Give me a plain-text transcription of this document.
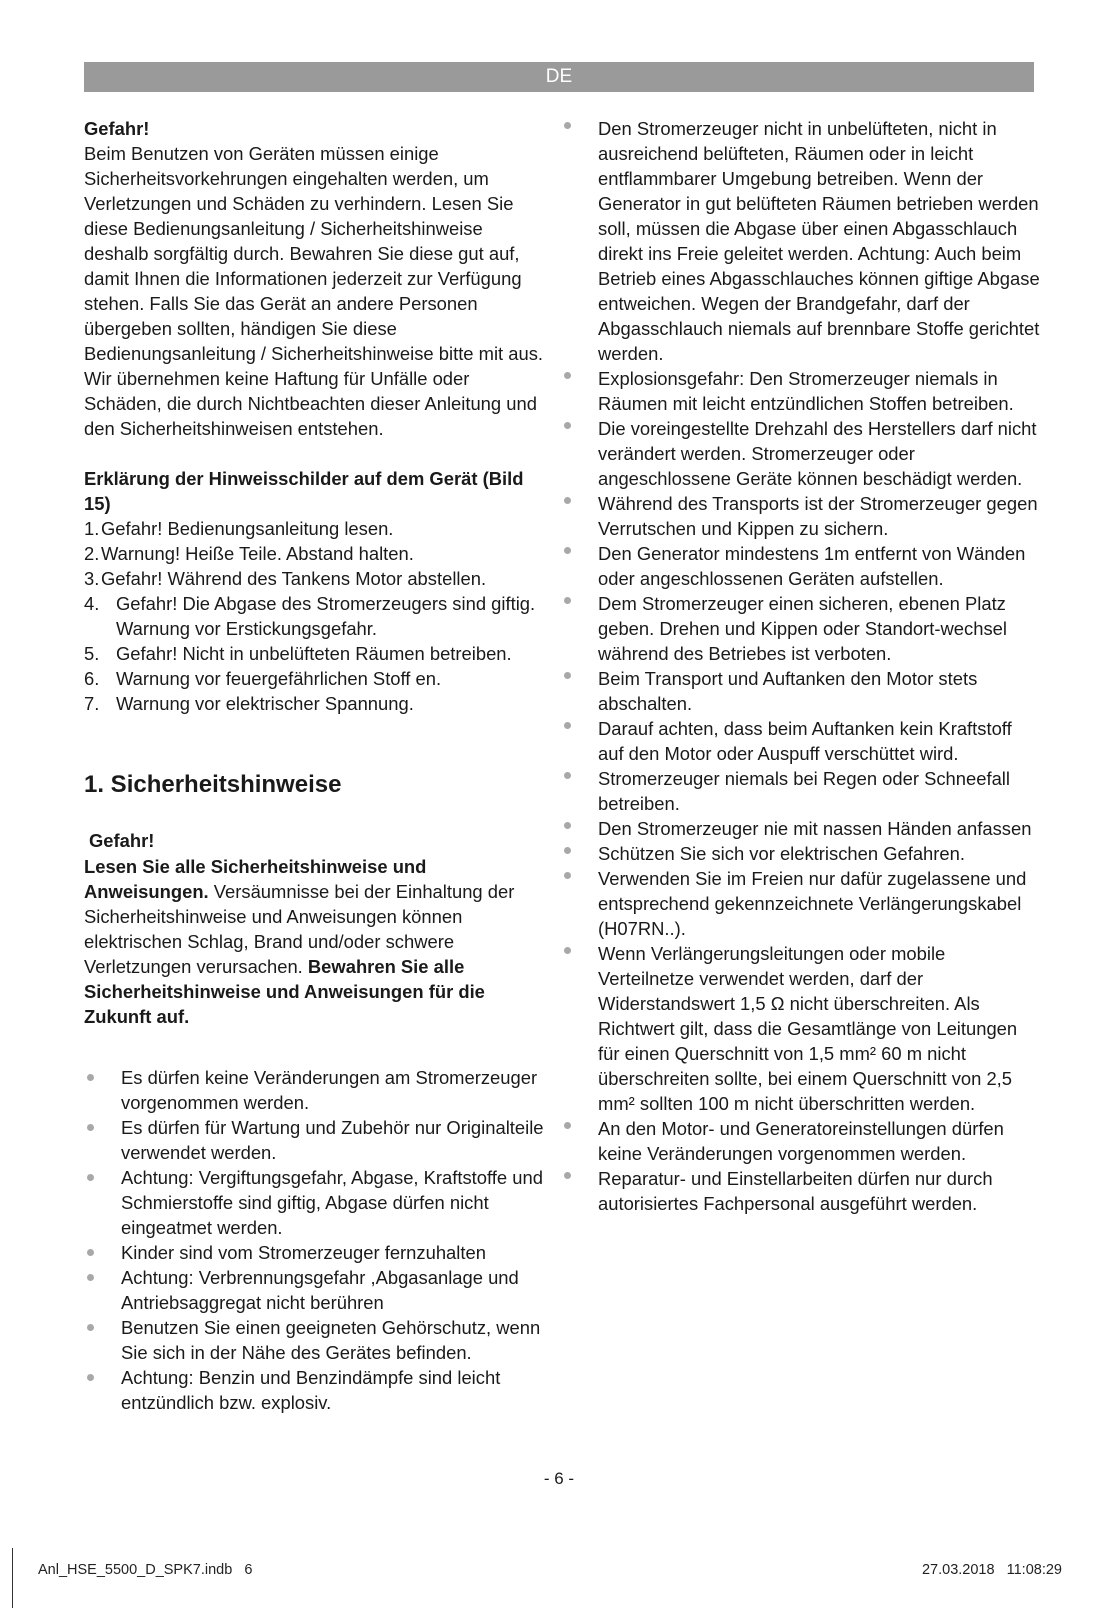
DE

Gefahr!

Beim Benutzen von Geräten müssen einige Sicherheitsvorkehrungen eingehalten werden, um Verletzungen und Schäden zu verhindern. Lesen Sie diese Bedienungsanleitung / Sicherheitshinweise deshalb sorgfältig durch. Bewahren Sie diese gut auf, damit Ihnen die Informationen jederzeit zur Verfügung stehen. Falls Sie das Gerät an andere Personen übergeben sollten, händigen Sie diese Bedienungsanleitung / Sicherheitshinweise bitte mit aus. Wir übernehmen keine Haftung für Unfälle oder Schäden, die durch Nichtbeachten dieser Anleitung und den Sicherheitshinweisen entstehen.

Erklärung der Hinweisschilder auf dem Gerät (Bild 15)

1. Gefahr! Bedienungsanleitung lesen.
2. Warnung! Heiße Teile. Abstand halten.
3. Gefahr! Während des Tankens Motor abstellen.
4. Gefahr! Die Abgase des Stromerzeugers sind giftig. Warnung vor Erstickungsgefahr.
5. Gefahr! Nicht in unbelüfteten Räumen betreiben.
6. Warnung vor feuergefährlichen Stoff en.
7. Warnung vor elektrischer Spannung.
1. Sicherheitshinweise

Gefahr!

Lesen Sie alle Sicherheitshinweise und Anweisungen. Versäumnisse bei der Einhaltung der Sicherheitshinweise und Anweisungen können elektrischen Schlag, Brand und/oder schwere Verletzungen verursachen. Bewahren Sie alle Sicherheitshinweise und Anweisungen für die Zukunft auf.

Es dürfen keine Veränderungen am Stromerzeuger vorgenommen werden.
Es dürfen für Wartung und Zubehör nur Originalteile verwendet werden.
Achtung: Vergiftungsgefahr, Abgase, Kraftstoffe und Schmierstoffe sind giftig, Abgase dürfen nicht eingeatmet werden.
Kinder sind vom Stromerzeuger fernzuhalten
Achtung: Verbrennungsgefahr ,Abgasanlage und Antriebsaggregat nicht berühren
Benutzen Sie einen geeigneten Gehörschutz, wenn Sie sich in der Nähe des Gerätes befinden.
Achtung: Benzin und Benzindämpfe sind leicht entzündlich bzw. explosiv.
Den Stromerzeuger nicht in unbelüfteten, nicht in ausreichend belüfteten, Räumen oder in leicht entflammbarer Umgebung betreiben. Wenn der Generator in gut belüfteten Räumen betrieben werden soll, müssen die Abgase über einen Abgasschlauch direkt ins Freie geleitet werden. Achtung: Auch beim Betrieb eines Abgasschlauches können giftige Abgase entweichen. Wegen der Brandgefahr, darf der Abgasschlauch niemals auf brennbare Stoffe gerichtet werden.
Explosionsgefahr: Den Stromerzeuger niemals in Räumen mit leicht entzündlichen Stoffen betreiben.
Die voreingestellte Drehzahl des Herstellers darf nicht verändert werden. Stromerzeuger oder angeschlossene Geräte können beschädigt werden.
Während des Transports ist der Stromerzeuger gegen Verrutschen und Kippen zu sichern.
Den Generator mindestens 1m entfernt von Wänden oder angeschlossenen Geräten aufstellen.
Dem Stromerzeuger einen sicheren, ebenen Platz geben. Drehen und Kippen oder Standort-wechsel während des Betriebes ist verboten.
Beim Transport und Auftanken den Motor stets abschalten.
Darauf achten, dass beim Auftanken kein Kraftstoff auf den Motor oder Auspuff verschüttet wird.
Stromerzeuger niemals bei Regen oder Schneefall betreiben.
Den Stromerzeuger nie mit nassen Händen anfassen
Schützen Sie sich vor elektrischen Gefahren.
Verwenden Sie im Freien nur dafür zugelassene und entsprechend gekennzeichnete Verlängerungskabel (H07RN..).
Wenn Verlängerungsleitungen oder mobile Verteilnetze verwendet werden, darf der Widerstandswert 1,5 Ω nicht überschreiten. Als Richtwert gilt, dass die Gesamtlänge von Leitungen für einen Querschnitt von 1,5 mm² 60 m nicht überschreiten sollte, bei einem Querschnitt von 2,5 mm² sollten 100 m nicht überschritten werden.
An den Motor- und Generatoreinstellungen dürfen keine Veränderungen vorgenommen werden.
Reparatur- und Einstellarbeiten dürfen nur durch autorisiertes Fachpersonal ausgeführt werden.
- 6 -
Anl_HSE_5500_D_SPK7.indb   6	27.03.2018   11:08:29
